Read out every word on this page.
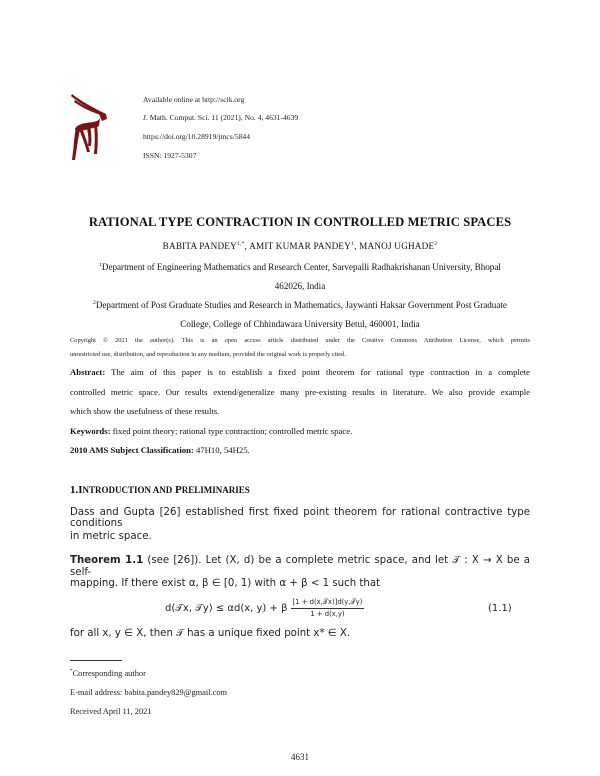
Available online at http://scik.org
J. Math. Comput. Sci. 11 (2021), No. 4, 4631-4639
https://doi.org/10.28919/jmcs/5844
ISSN: 1927-5307
RATIONAL TYPE CONTRACTION IN CONTROLLED METRIC SPACES
BABITA $PANDEY^{1,*}$, AMIT KUMAR PANDEY$^1$, MANOJ UGHADE$^2$
$^1$Department of Engineering Mathematics and Research Center, Sarvepalli Radhakrishanan University, Bhopal
462026, India
$^2$Department of Post Graduate Studies and Research in Mathematics, Jaywanti Haksar Government Post Graduate
College, College of Chhindawara University Betul, 460001, India
Copyright © 2021 the author(s). This is an open access article distributed under the Creative Commons Attribution License, which permits
unrestricted use, distribution, and reproduction in any medium, provided the original work is properly cited.
Abstract: The aim of this paper is to establish a fixed point theorem for rational type contraction in a complete
controlled metric space. Our results extend/generalize many pre-existing results in literature. We also provide example
which show the usefulness of these results.
Keywords: fixed point theory; rational type contraction; controlled metric space.
2010 AMS Subject Classification: 47H10, 54H25.
1.INTRODUCTION AND PRELIMINARIES
Dass and Gupta [26] established first fixed point theorem for rational contractive type conditions
in metric space.
Theorem 1.1 (see [26]). Let (X, d) be a complete metric space, and let 𝒯 : X → X be a self-
mapping. If there exist α, β ∈ [0, 1) with α + β < 1 such that
d(𝒯x, 𝒯y) ≤ αd(x, y) + β $\frac{\text{[1 + d(x,𝒯x)]d(y,𝒯y)}}{1 + d(x,y)}$	(1.1)
for all x, y ∈ X, then 𝒯 has a unique fixed point x* ∈ X.
*Corresponding author
E-mail address: babita.pandey829@gmail.com
Received April 11, 2021
4631
